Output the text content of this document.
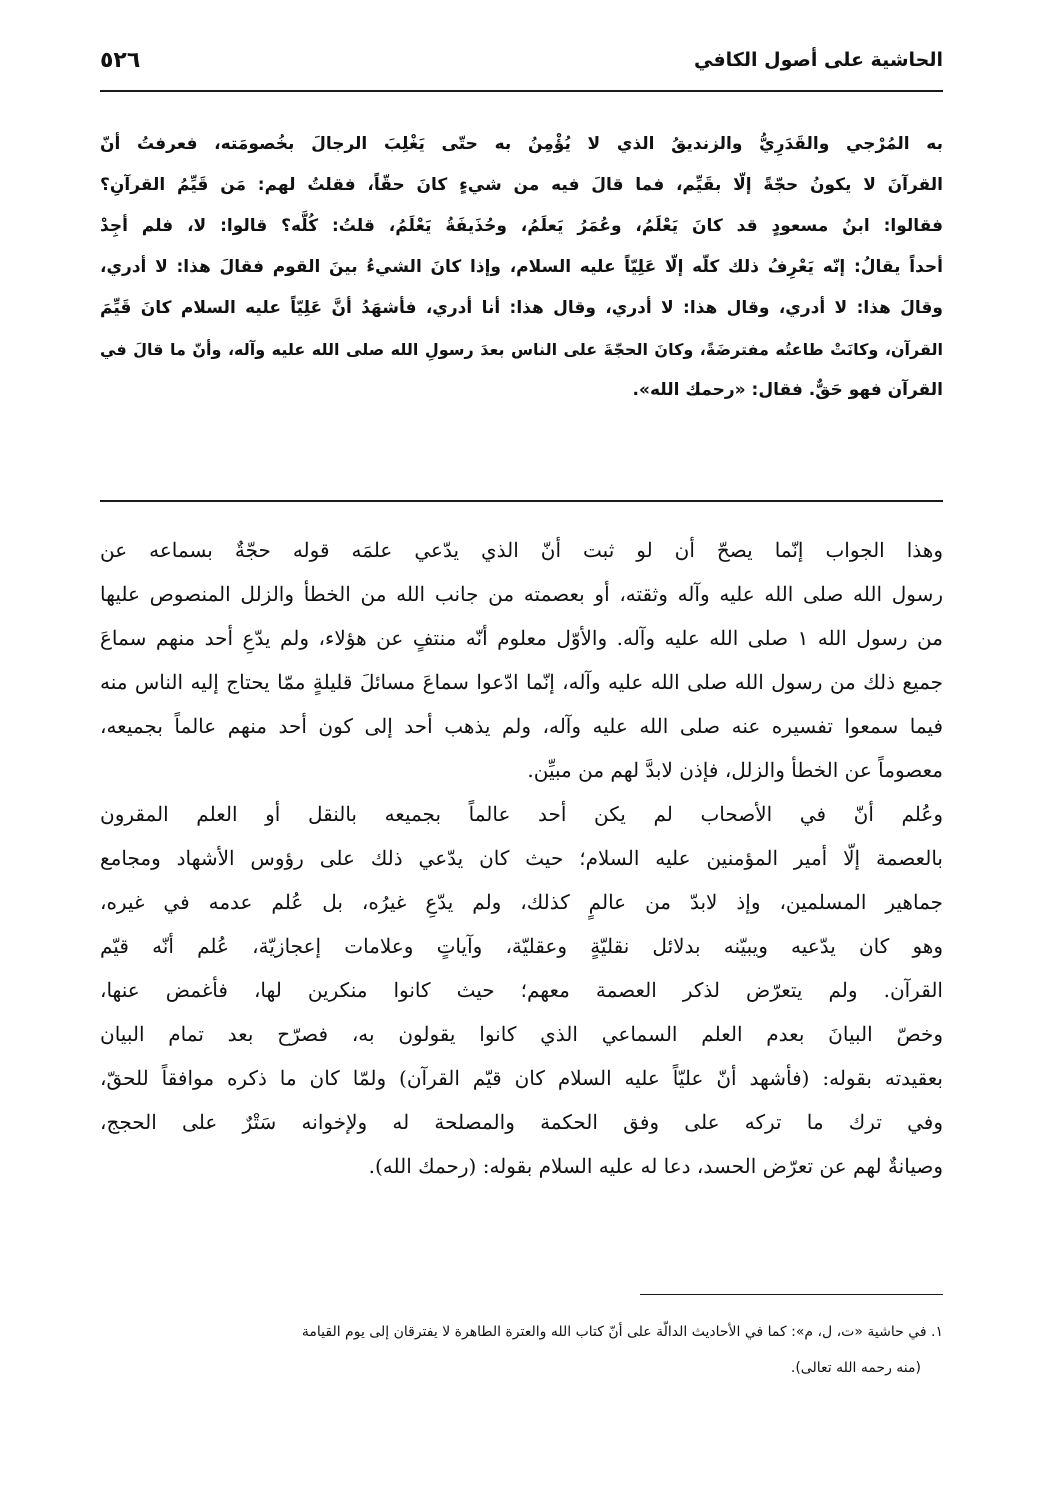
الحاشية على أصول الكافي
٥٢٦
به المُرْجي والقَدَرِيُّ والزنديقُ الذي لا يُؤْمِنُ به حتّى يَغْلِبَ الرجالَ بخُصومَته، فعرفتُ أنّ
القرآنَ لا يكونُ حجّةً إلّا بقَيِّم، فما قالَ فيه من شيءٍ كانَ حقّاً، فقلتُ لهم: مَن قَيِّمُ القرآنِ؟
فقالوا: ابنُ مسعودٍ قد كانَ يَعْلَمُ، وعُمَرُ يَعلَمُ، وحُذَيفَةُ يَعْلَمُ، قلتُ: كُلَّه؟ قالوا: لا، فلم أجِدْ
أحداً يقالُ: إنّه يَعْرِفُ ذلك كلّه إلّا عَلِيّاً عليه السلام، وإذا كانَ الشيءُ بينَ القوم فقالَ هذا: لا أدري،
وقالَ هذا: لا أدري، وقال هذا: لا أدري، وقال هذا: أنا أدري، فأشهَدُ أنَّ عَلِيّاً عليه السلام كانَ قَيِّمَ
القرآن، وكانَتْ طاعتُه مفترضَةً، وكانَ الحجّةَ على الناس بعدَ رسولِ الله صلى الله عليه وآله، وأنّ ما قالَ في
القرآن فهو حَقٌّ. فقال: «رحمك الله».
وهذا الجواب إنّما يصحّ أن لو ثبت أنّ الذي يدّعي علمَه قوله حجّةٌ بسماعه عن
رسول الله صلى الله عليه وآله وثقته، أو بعصمته من جانب الله من الخطأ والزلل المنصوص عليها
من رسول الله ١ صلى الله عليه وآله. والأوّل معلوم أنّه منتفٍ عن هؤلاء، ولم يدّعِ أحد منهم سماعَ
جميع ذلك من رسول الله صلى الله عليه وآله، إنّما ادّعوا سماعَ مسائلَ قليلةٍ ممّا يحتاج إليه الناس منه
فيما سمعوا تفسيره عنه صلى الله عليه وآله، ولم يذهب أحد إلى كون أحد منهم عالماً بجميعه،
معصوماً عن الخطأ والزلل، فإذن لابدَّ لهم من مبيِّن.
وعُلم أنّ في الأصحاب لم يكن أحد عالماً بجميعه بالنقل أو العلم المقرون
بالعصمة إلّا أمير المؤمنين عليه السلام؛ حيث كان يدّعي ذلك على رؤوس الأشهاد ومجامع
جماهير المسلمين، وإذ لابدّ من عالمٍ كذلك، ولم يدّعِ غيرُه، بل عُلم عدمه في غيره،
وهو كان يدّعيه ويبيّنه بدلائل نقليّةٍ وعقليّة، وآياتٍ وعلامات إعجازيّة، عُلم أنّه قيّم
القرآن. ولم يتعرّض لذكر العصمة معهم؛ حيث كانوا منكرين لها، فأغمض عنها،
وخصّ البيانَ بعدم العلم السماعي الذي كانوا يقولون به، فصرّح بعد تمام البيان
بعقيدته بقوله: (فأشهد أنّ عليّاً عليه السلام كان قيّم القرآن) ولمّا كان ما ذكره موافقاً للحقّ،
وفي ترك ما تركه على وفق الحكمة والمصلحة له ولإخوانه سَتْرٌ على الحجج،
وصيانةٌ لهم عن تعرّض الحسد، دعا له عليه السلام بقوله: (رحمك الله).
١. في حاشية «ت، ل، م»: كما في الأحاديث الدالّة على أنّ كتاب الله والعترة الطاهرة لا يفترقان إلى يوم القيامة
(منه رحمه الله تعالى).
